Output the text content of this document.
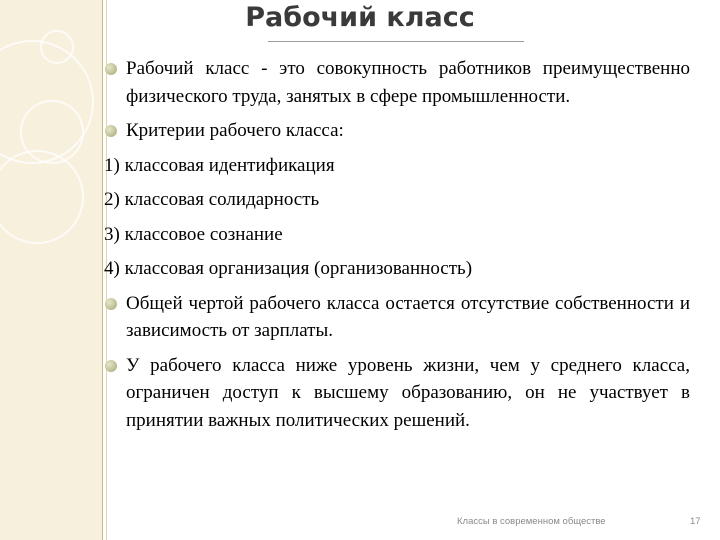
Рабочий класс
Рабочий класс - это совокупность работников преимущественно физического труда, занятых в сфере промышленности.
Критерии рабочего класса:
1) классовая идентификация
2) классовая солидарность
3) классовое сознание
4) классовая организация (организованность)
Общей чертой рабочего класса остается отсутствие собственности и зависимость от зарплаты.
У рабочего класса ниже уровень жизни, чем у среднего класса, ограничен доступ к высшему образованию, он не участвует в принятии важных политических решений.
Классы в современном обществе	17
